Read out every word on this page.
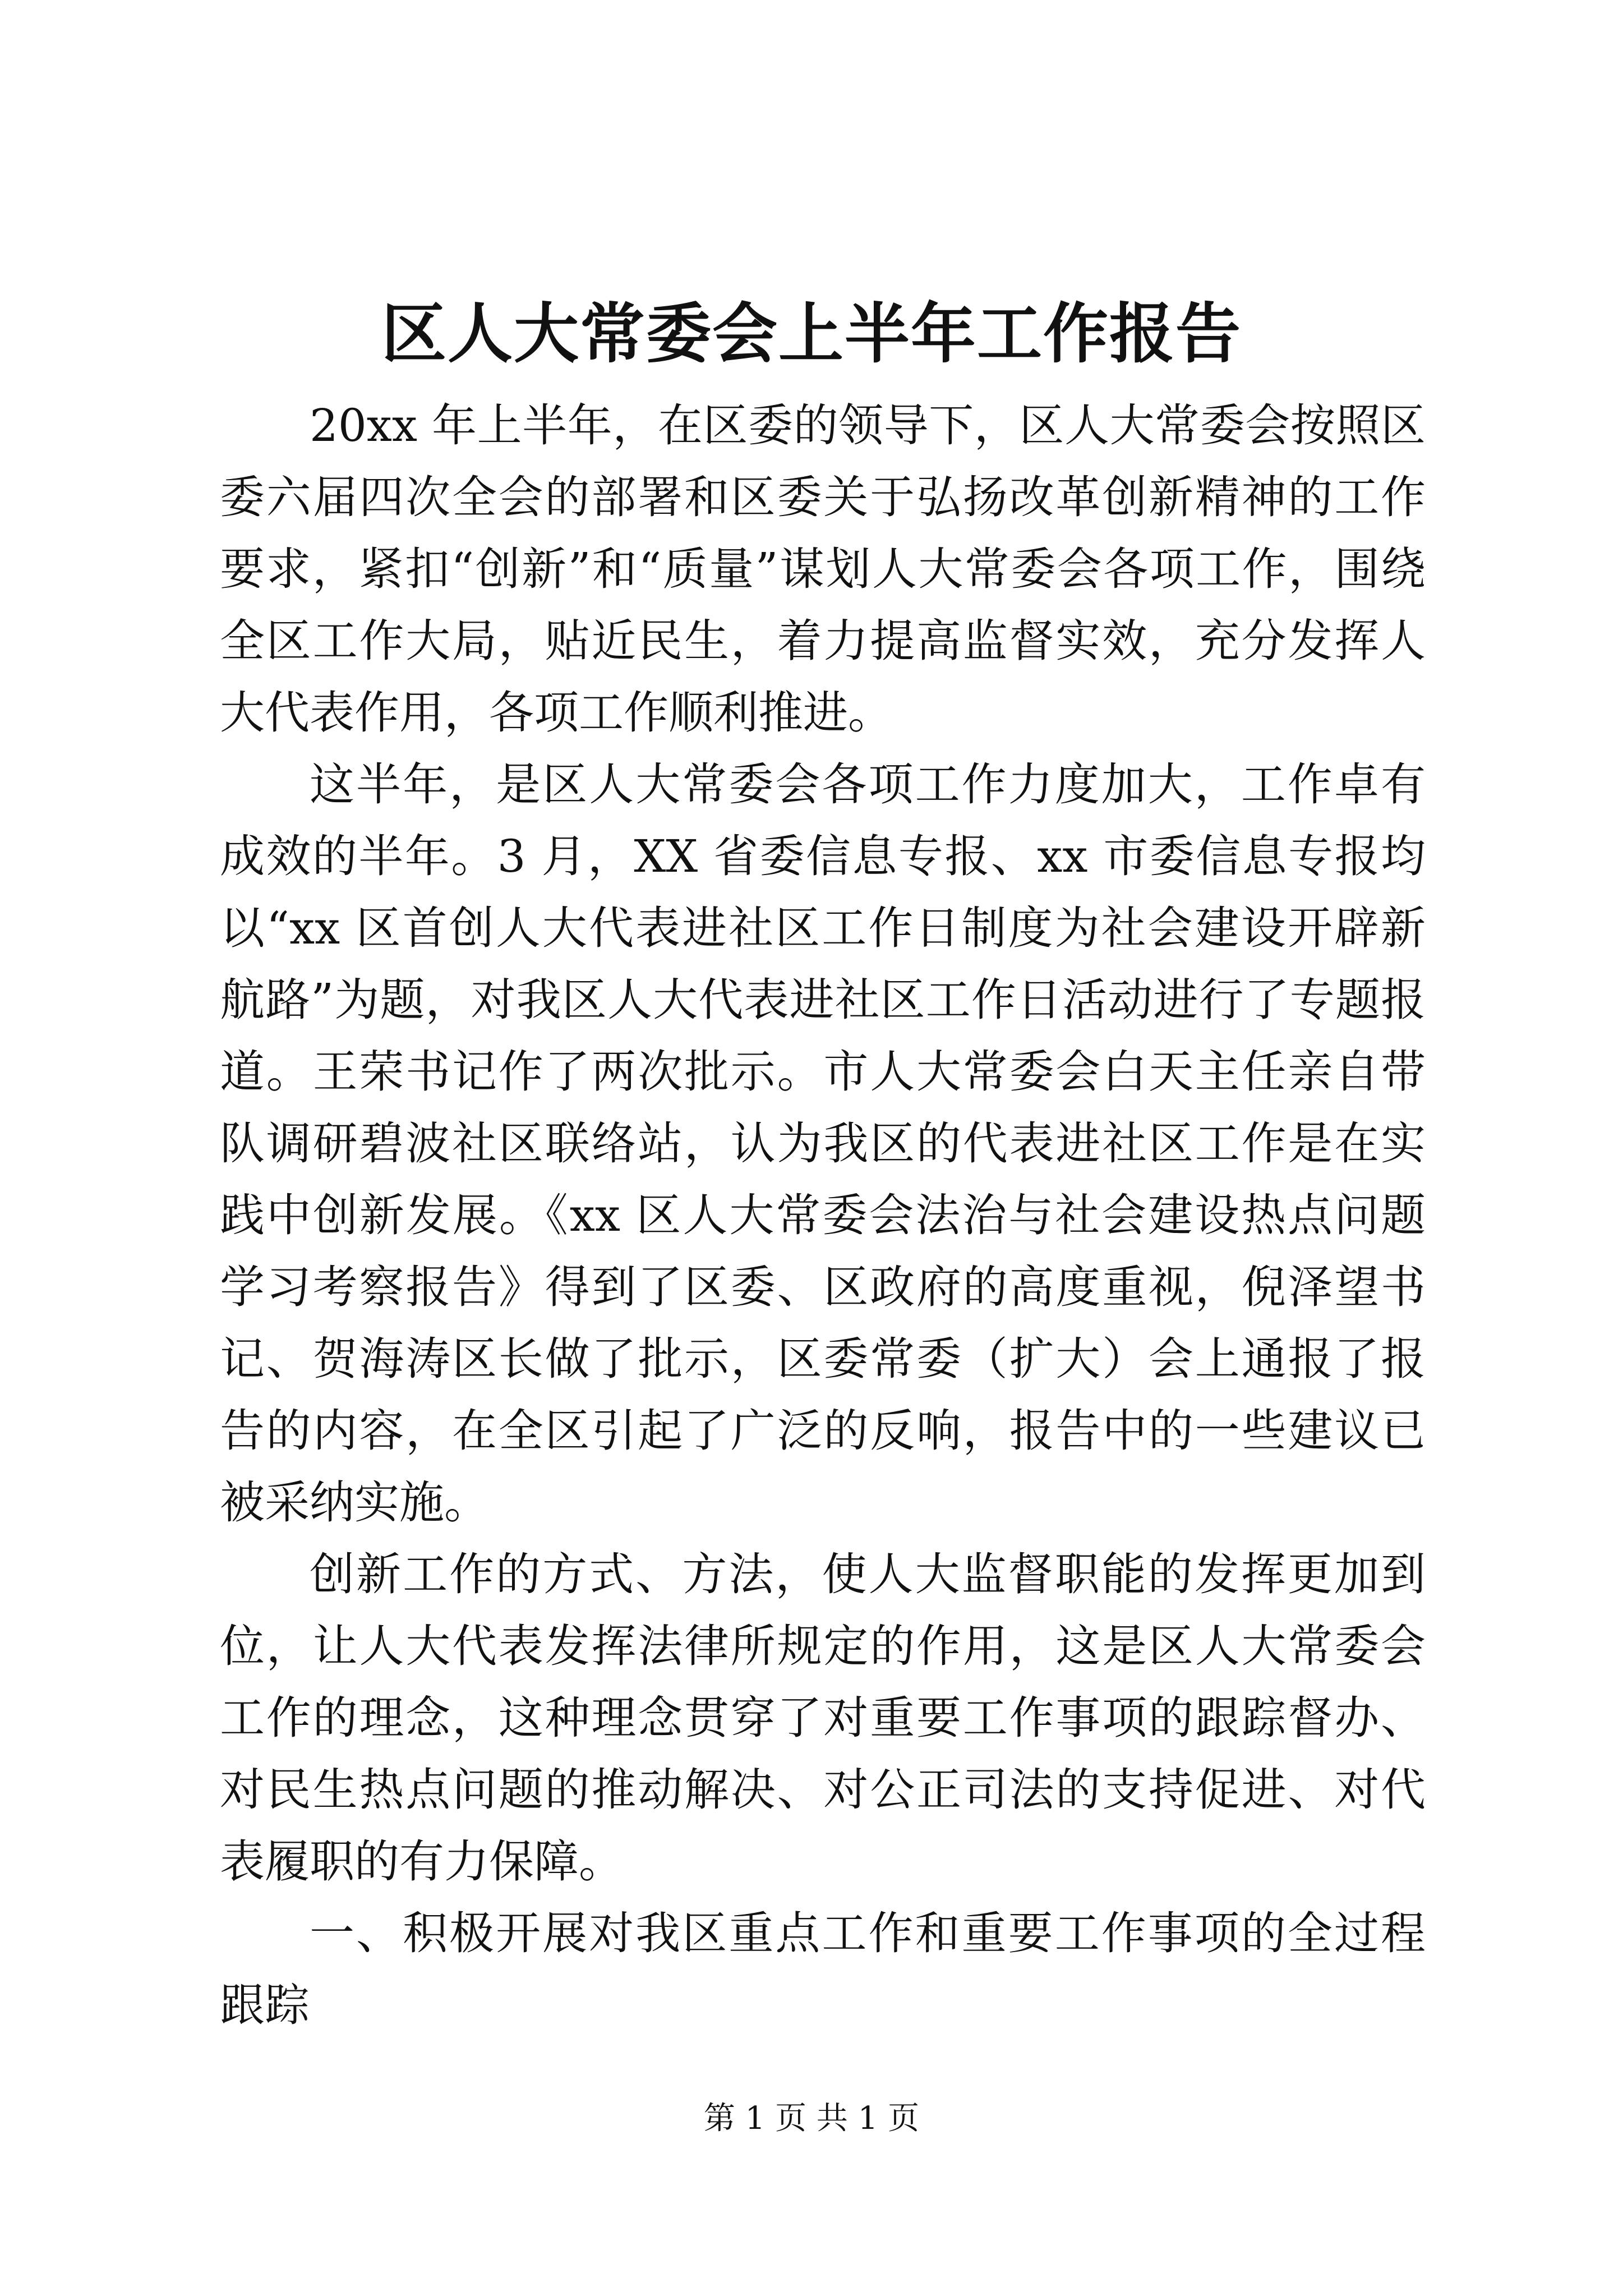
区人大常委会上半年工作报告

20xx 年上半年，在区委的领导下，区人大常委会按照区委六届四次全会的部署和区委关于弘扬改革创新精神的工作要求，紧扣“创新”和“质量”谋划人大常委会各项工作，围绕全区工作大局，贴近民生，着力提高监督实效，充分发挥人大代表作用，各项工作顺利推进。

这半年，是区人大常委会各项工作力度加大，工作卓有成效的半年。3 月，XX 省委信息专报、xx 市委信息专报均以“xx 区首创人大代表进社区工作日制度为社会建设开辟新航路”为题，对我区人大代表进社区工作日活动进行了专题报道。王荣书记作了两次批示。市人大常委会白天主任亲自带队调研碧波社区联络站，认为我区的代表进社区工作是在实践中创新发展。《xx 区人大常委会法治与社会建设热点问题学习考察报告》得到了区委、区政府的高度重视，倪泽望书记、贺海涛区长做了批示，区委常委（扩大）会上通报了报告的内容，在全区引起了广泛的反响，报告中的一些建议已被采纳实施。

创新工作的方式、方法，使人大监督职能的发挥更加到位，让人大代表发挥法律所规定的作用，这是区人大常委会工作的理念，这种理念贯穿了对重要工作事项的跟踪督办、对民生热点问题的推动解决、对公正司法的支持促进、对代表履职的有力保障。

一、积极开展对我区重点工作和重要工作事项的全过程跟踪

第 1 页 共 1 页
